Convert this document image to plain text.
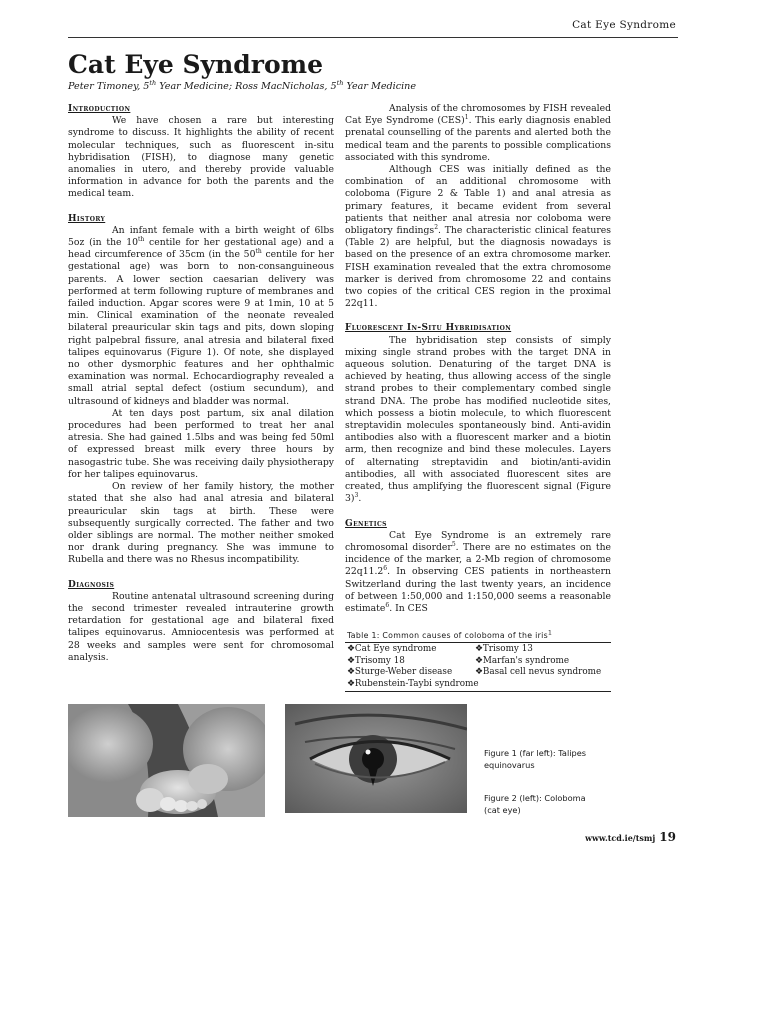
Cat Eye Syndrome
Cat Eye Syndrome
Peter Timoney, 5th Year Medicine; Ross MacNicholas, 5th Year Medicine

Introduction

We have chosen a rare but interesting syndrome to discuss. It highlights the ability of recent molecular techniques, such as fluorescent in-situ hybridisation (FISH), to diagnose many genetic anomalies in utero, and thereby provide valuable information in advance for both the parents and the medical team.

History

An infant female with a birth weight of 6lbs 5oz (in the 10th centile for her gestational age) and a head circumference of 35cm (in the 50th centile for her gestational age) was born to non-consanguineous parents. A lower section caesarian delivery was performed at term following rupture of membranes and failed induction. Apgar scores were 9 at 1min, 10 at 5 min. Clinical examination of the neonate revealed bilateral preauricular skin tags and pits, down sloping right palpebral fissure, anal atresia and bilateral fixed talipes equinovarus (Figure 1). Of note, she displayed no other dysmorphic features and her ophthalmic examination was normal. Echocardiography revealed a small atrial septal defect (ostium secundum), and ultrasound of kidneys and bladder was normal.

At ten days post partum, six anal dilation procedures had been performed to treat her anal atresia. She had gained 1.5lbs and was being fed 50ml of expressed breast milk every three hours by nasogastric tube. She was receiving daily physiotherapy for her talipes equinovarus.

On review of her family history, the mother stated that she also had anal atresia and bilateral preauricular skin tags at birth. These were subsequently surgically corrected. The father and two older siblings are normal. The mother neither smoked nor drank during pregnancy. She was immune to Rubella and there was no Rhesus incompatibility.

Diagnosis

Routine antenatal ultrasound screening during the second trimester revealed intrauterine growth retardation for gestational age and bilateral fixed talipes equinovarus. Amniocentesis was performed at 28 weeks and samples were sent for chromosomal analysis.

Analysis of the chromosomes by FISH revealed Cat Eye Syndrome (CES)$^1$. This early diagnosis enabled prenatal counselling of the parents and alerted both the medical team and the parents to possible complications associated with this syndrome.

Although CES was initially defined as the combination of an additional chromosome with coloboma (Figure 2 & Table 1) and anal atresia as primary features, it became evident from several patients that neither anal atresia nor coloboma were obligatory findings$^2$. The characteristic clinical features (Table 2) are helpful, but the diagnosis nowadays is based on the presence of an extra chromosome marker. FISH examination revealed that the extra chromosome marker is derived from chromosome 22 and contains two copies of the critical CES region in the proximal 22q11.

Fluorescent In-Situ Hybridisation

The hybridisation step consists of simply mixing single strand probes with the target DNA in aqueous solution. Denaturing of the target DNA is achieved by heating, thus allowing access of the single strand probes to their complementary combed single strand DNA. The probe has modified nucleotide sites, which possess a biotin molecule, to which fluorescent streptavidin molecules spontaneously bind. Anti-avidin antibodies also with a fluorescent marker and a biotin arm, then recognize and bind these molecules. Layers of alternating streptavidin and biotin/anti-avidin antibodies, all with associated fluorescent sites are created, thus amplifying the fluorescent signal (Figure 3)$^3$.

Genetics

Cat Eye Syndrome is an extremely rare chromosomal disorder$^5$. There are no estimates on the incidence of the marker, a 2-Mb region of chromosome 22q11.2$^6$. In observing CES patients in northeastern Switzerland during the last twenty years, an incidence of between 1:50,000 and 1:150,000 seems a reasonable estimate$^6$. In CES

Table 1: Common causes of coloboma of the iris$^1$

❖Cat Eye syndrome	❖Trisomy 13
❖Trisomy 18	❖Marfan's syndrome
❖Sturge-Weber disease	❖Basal cell nevus syndrome
❖Rubenstein-Taybi syndrome
Figure 1 (far left): Talipes equinovarus
Figure 2 (left): Coloboma (cat eye)
www.tcd.ie/tsmj 19
